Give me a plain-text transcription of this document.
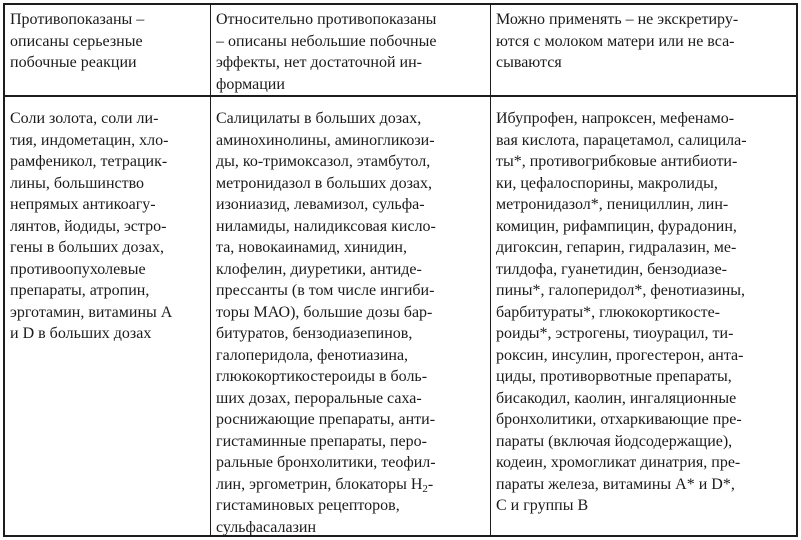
Противопоказаны –
описаны серьезные
побочные реакции
Относительно противопоказаны
– описаны небольшие побочные
эффекты, нет достаточной ин-
формации
Можно применять – не экскретиру-
ются с молоком матери или не вса-
сываются
Соли золота, соли ли-
тия, индометацин, хло-
рамфеникол, тетрацик-
лины, большинство
непрямых антикоагу-
лянтов, йодиды, эстро-
гены в больших дозах,
противоопухолевые
препараты, атропин,
эрготамин, витамины А
и D в больших дозах
Салицилаты в больших дозах,
аминохинолины, аминогликози-
ды, ко-тримоксазол, этамбутол,
метронидазол в больших дозах,
изониазид, левамизол, сульфа-
ниламиды, налидиксовая кисло-
та, новокаинамид, хинидин,
клофелин, диуретики, антиде-
прессанты (в том числе ингиби-
торы МАО), большие дозы бар-
битуратов, бензодиазепинов,
галоперидола, фенотиазина,
глюкокортикостероиды в боль-
ших дозах, пероральные саха-
роснижающие препараты, анти-
гистаминные препараты, перо-
ральные бронхолитики, теофил-
лин, эргометрин, блокаторы $Н_2-$
гистаминовых рецепторов,
сульфасалазин
Ибупрофен, напроксен, мефенамо-
вая кислота, парацетамол, салицила-
ты*, противогрибковые антибиоти-
ки, цефалоспорины, макролиды,
метронидазол*, пенициллин, лин-
комицин, рифампицин, фурадонин,
дигоксин, гепарин, гидралазин, ме-
тилдофа, гуанетидин, бензодиазе-
пины*, галоперидол*, фенотиазины,
барбитураты*, глюкокортикосте-
роиды*, эстрогены, тиоурацил, ти-
роксин, инсулин, прогестерон, анта-
циды, противорвотные препараты,
бисакодил, каолин, ингаляционные
бронхолитики, отхаркивающие пре-
параты (включая йодсодержащие),
кодеин, хромогликат динатрия, пре-
параты железа, витамины А* и D*,
С и группы В
